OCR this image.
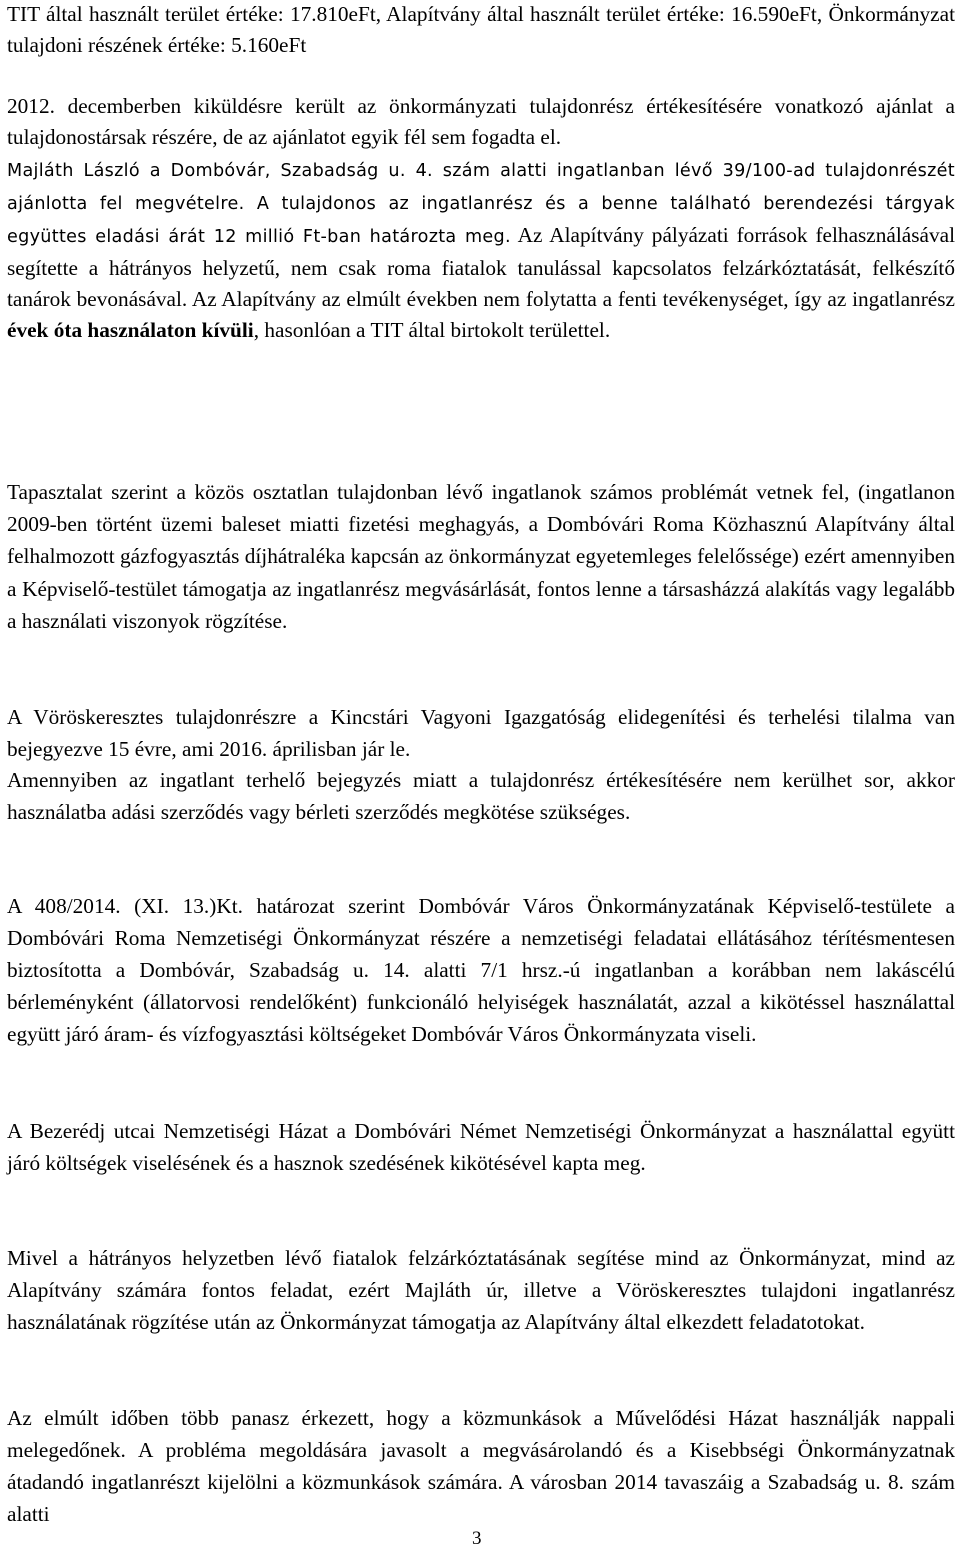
TIT által használt terület értéke: 17.810eFt, Alapítvány által használt terület értéke: 16.590eFt, Önkormányzat tulajdoni részének értéke: 5.160eFt
2012. decemberben kiküldésre került az önkormányzati tulajdonrész értékesítésére vonatkozó ajánlat a tulajdonostársak részére, de az ajánlatot egyik fél sem fogadta el.
Majláth László a Dombóvár, Szabadság u. 4. szám alatti ingatlanban lévő 39/100-ad tulajdonrészét ajánlotta fel megvételre. A tulajdonos az ingatlanrész és a benne található berendezési tárgyak együttes eladási árát 12 millió Ft-ban határozta meg. Az Alapítvány pályázati források felhasználásával segítette a hátrányos helyzetű, nem csak roma fiatalok tanulással kapcsolatos felzárkóztatását, felkészítő tanárok bevonásával. Az Alapítvány az elmúlt években nem folytatta a fenti tevékenységet, így az ingatlanrész évek óta használaton kívüli, hasonlóan a TIT által birtokolt területtel.
Tapasztalat szerint a közös osztatlan tulajdonban lévő ingatlanok számos problémát vetnek fel, (ingatlanon 2009-ben történt üzemi baleset miatti fizetési meghagyás, a Dombóvári Roma Közhasznú Alapítvány által felhalmozott gázfogyasztás díjhátraléka kapcsán az önkormányzat egyetemleges felelőssége) ezért amennyiben a Képviselő-testület támogatja az ingatlanrész megvásárlását, fontos lenne a társasházzá alakítás vagy legalább a használati viszonyok rögzítése.
A Vöröskeresztes tulajdonrészre a Kincstári Vagyoni Igazgatóság elidegenítési és terhelési tilalma van bejegyezve 15 évre, ami 2016. áprilisban jár le.
Amennyiben az ingatlant terhelő bejegyzés miatt a tulajdonrész értékesítésére nem kerülhet sor, akkor használatba adási szerződés vagy bérleti szerződés megkötése szükséges.
A 408/2014. (XI. 13.)Kt. határozat szerint Dombóvár Város Önkormányzatának Képviselő-testülete a Dombóvári Roma Nemzetiségi Önkormányzat részére a nemzetiségi feladatai ellátásához térítésmentesen biztosította a Dombóvár, Szabadság u. 14. alatti 7/1 hrsz.-ú ingatlanban a korábban nem lakáscélú bérleményként (állatorvosi rendelőként) funkcionáló helyiségek használatát, azzal a kikötéssel használattal együtt járó áram- és vízfogyasztási költségeket Dombóvár Város Önkormányzata viseli.
A Bezerédj utcai Nemzetiségi Házat a Dombóvári Német Nemzetiségi Önkormányzat a használattal együtt járó költségek viselésének és a hasznok szedésének kikötésével kapta meg.
Mivel a hátrányos helyzetben lévő fiatalok felzárkóztatásának segítése mind az Önkormányzat, mind az Alapítvány számára fontos feladat, ezért Majláth úr, illetve a Vöröskeresztes tulajdoni ingatlanrész használatának rögzítése után az Önkormányzat támogatja az Alapítvány által elkezdett feladatotokat.
Az elmúlt időben több panasz érkezett, hogy a közmunkások a Művelődési Házat használják nappali melegedőnek. A probléma megoldására javasolt a megvásárolandó és a Kisebbségi Önkormányzatnak átadandó ingatlanrészt kijelölni a közmunkások számára. A városban 2014 tavaszáig a Szabadság u. 8. szám alatti
3
